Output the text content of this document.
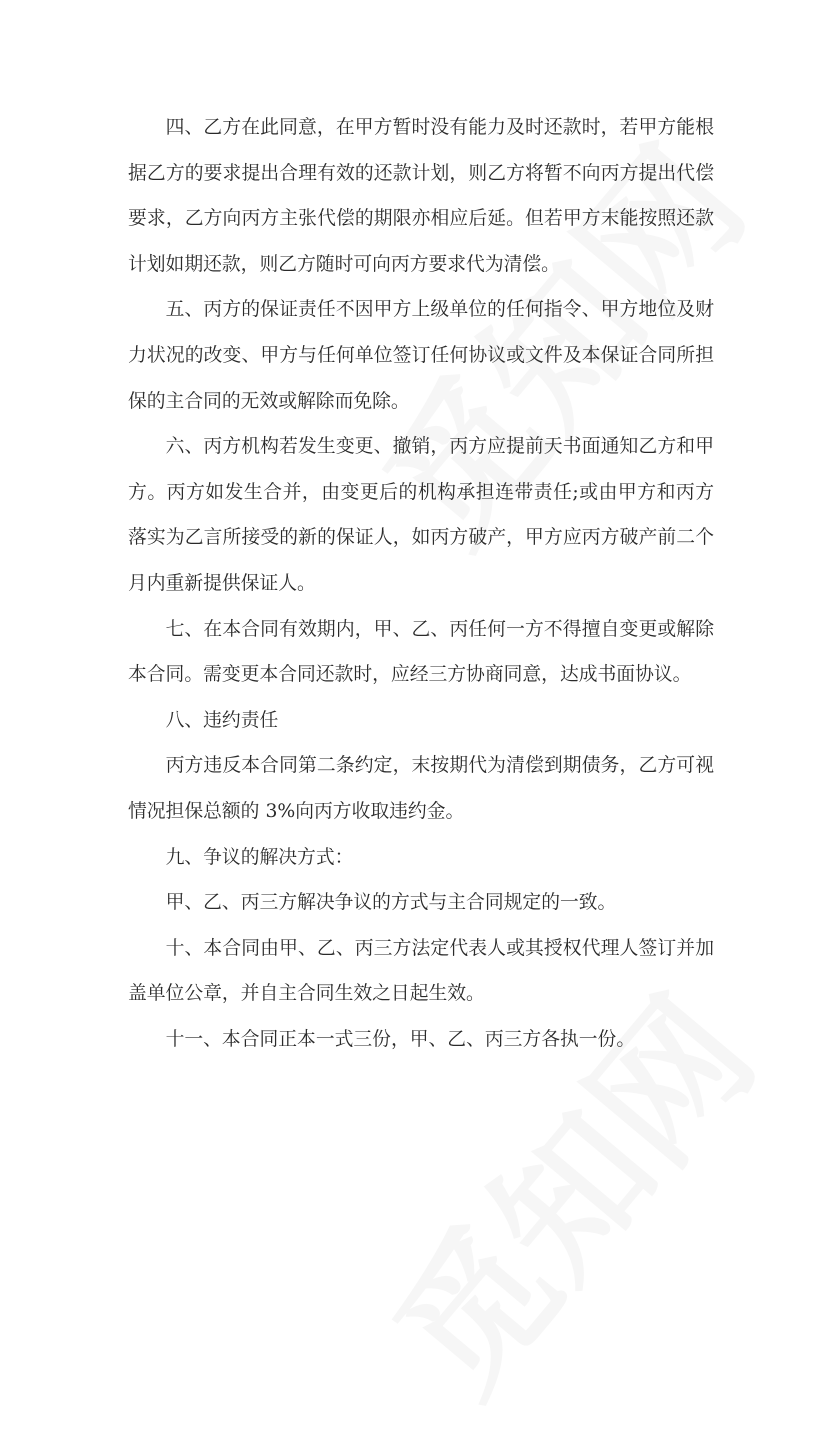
四、乙方在此同意，在甲方暂时没有能力及时还款时，若甲方能根据乙方的要求提出合理有效的还款计划，则乙方将暂不向丙方提出代偿要求，乙方向丙方主张代偿的期限亦相应后延。但若甲方末能按照还款计划如期还款，则乙方随时可向丙方要求代为清偿。

五、丙方的保证责任不因甲方上级单位的任何指令、甲方地位及财力状况的改变、甲方与任何单位签订任何协议或文件及本保证合同所担保的主合同的无效或解除而免除。

六、丙方机构若发生变更、撤销，丙方应提前天书面通知乙方和甲方。丙方如发生合并，由变更后的机构承担连带责任;或由甲方和丙方落实为乙言所接受的新的保证人，如丙方破产，甲方应丙方破产前二个月内重新提供保证人。

七、在本合同有效期内，甲、乙、丙任何一方不得擅自变更或解除本合同。需变更本合同还款时，应经三方协商同意，达成书面协议。

八、违约责任

丙方违反本合同第二条约定，末按期代为清偿到期债务，乙方可视情况担保总额的 3%向丙方收取违约金。

九、争议的解决方式：

甲、乙、丙三方解决争议的方式与主合同规定的一致。

十、本合同由甲、乙、丙三方法定代表人或其授权代理人签订并加盖单位公章，并自主合同生效之日起生效。

十一、本合同正本一式三份，甲、乙、丙三方各执一份。
